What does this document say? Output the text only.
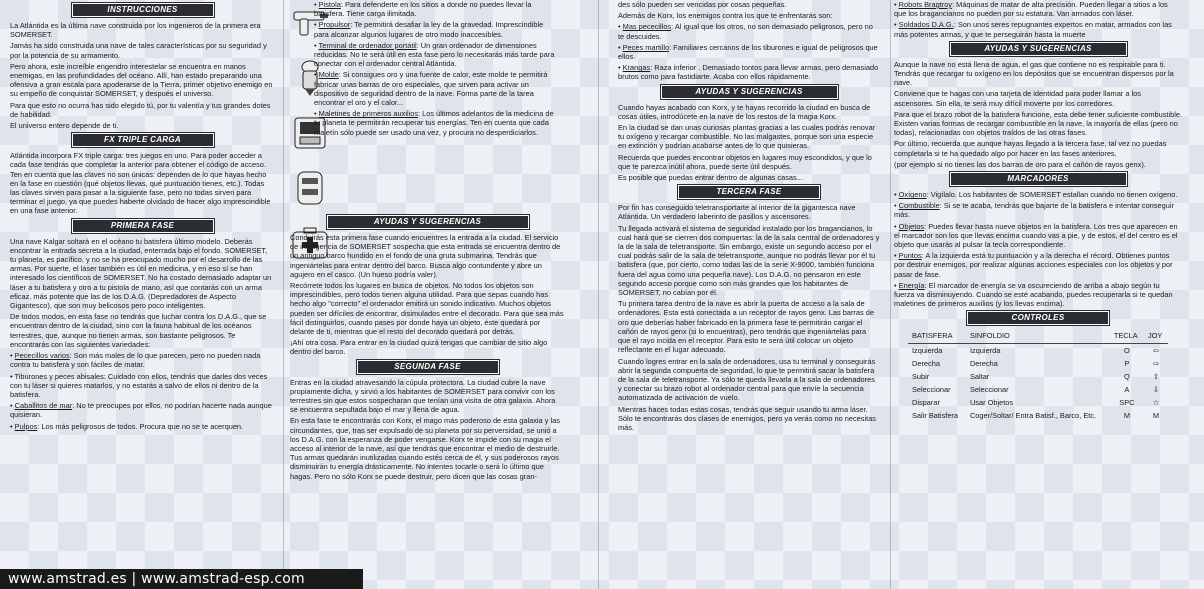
INSTRUCCIONES

La Atlántida es la última nave construida por los ingenieros de la primera era SOMERSET.

Jamás ha sido construida una nave de tales características por su seguridad y por la potencia de su armamento.

Pero ahora, este increíble engendro interestelar se encuentra en manos enemigas, en las profundidades del océano. Allí, han estado preparando una ofensiva a gran escala para apoderarse de la Tierra, primer objetivo enemigo en su empeño de conquistar SOMERSET, y después el universo.

Para que esto no ocurra has sido elegido tú, por tu valentía y tus grandes dotes de habilidad.

El universo entero depende de ti.

FX TRIPLE CARGA

Atlántida incorpora FX triple carga: tres juegos en uno. Para poder acceder a cada fase tendrás que completar la anterior para obtener el código de acceso. Ten en cuenta que las claves no son únicas: dependen de lo que hayas hecho en la fase en cuestión (qué objetos llevas, qué puntuación tienes, etc.). Todas las claves sirven para pasar a la siguiente fase, pero no todas sirven para terminar el juego, ya que puedes haberte olvidado de hacer algo imprescindible en una fase anterior.

PRIMERA FASE

Una nave Kalgar soltará en el océano tu batisfera último modelo. Deberás encontrar la entrada secreta a la ciudad, enterrada bajo el fondo. SOMERSET, tu planeta, es pacífico, y no se ha preocupado mucho por el desarrollo de las armas. Por suerte, el láser también es útil en medicina, y en eso sí se han interesado los científicos de SOMERSET. No ha costado demasiado adaptar un láser a tu batisfera y otro a tu pistola de mano, así que contarás con un arma eficaz, más potente que las de los D.A.G. (Depredadores de Aspecto Gigantesco), que son muy belicosos pero poco inteligentes.

De todos modos, en esta fase no tendrás que luchar contra los D.A.G., que se encuentran dentro de la ciudad, sino con la fauna habitual de los océanos terrestres, que, aunque no tienen armas, son bastante peligrosos. Te encontrarás con las siguientes variedades:

• Pececillos varios: Son más males de lo que parecen, pero no pueden nada contra tu batisfera y son fáciles de matar.

• Tiburones y peces abisales: Cuidado con ellos, tendrás que darles dos veces con tu láser si quieres matarlos, y no estarás a salvo de ellos ni dentro de la batisfera.

• Caballitos de mar: No te preocupes por ellos, no podrían hacerte nada aunque quisieran.

• Pulpos: Los más peligrosos de todos. Procura que no se te acerquen.

• Pistola: Para defenderte en los sitios a donde no puedes llevar la batisfera. Tiene carga ilimitada.

• Propulsor: Te permitirá desafiar la ley de la gravedad. Imprescindible para alcanzar algunos lugares de otro modo inaccesibles.

• Terminal de ordenador portátil: Un gran ordenador de dimensiones reducidas. No te será útil en esta fase pero lo necesitarás más tarde para conectar con el ordenador central Atlántida.

• Molde: Si consigues oro y una fuente de calor, este molde te permitirá fabricar unas barras de oro especiales, que sirven para activar un dispositivo de seguridad dentro de la nave. Forma parte de la tarea encontrar el oro y el calor...

• Maletines de primeros auxilios: Los últimos adelantos de la medicina de tu planeta te permitirán recuperar tus energías. Ten en cuenta que cada maletín sólo puede ser usado una vez, y procura no desperdiciarlos.

AYUDAS Y SUGERENCIAS

Conduirás esta primera fase cuando encuentres la entrada a la ciudad. El servicio de inteligencia de SOMERSET sospecha que esta entrada se encuentra dentro de un antiguo barco hundido en el fondo de una gruta submarina. Tendrás que ingeniártelas para entrar dentro del barco. Busca algo contundente y abre un agujero en el casco. (Un hueso podría valer).

Recórrete todos los lugares en busca de objetos. No todos los objetos son imprescindibles, pero todos tienen alguna utilidad. Para que sepas cuando has hecho algo "correcto" el ordenador emitirá un sonido indicativo. Muchos objetos pueden ser difíciles de encontrar, disimulados entre el decorado. Para que sea más fácil distinguirlos, cuando pases por donde haya un objeto, éste quedará por delante de ti, mientras que el resto del decorado quedará por detrás.

¡Ahí otra cosa. Para entrar en la ciudad quizá tengas que cambiar de sitio algo dentro del barco.

SEGUNDA FASE

Entras en la ciudad atravesando la cúpula protectora. La ciudad cubre la nave propiamente dicha, y sirvió a los habitantes de SOMERSET para convivir con los terrestres sin que estos sospecharan que tenían una visita de otra galaxia. Ahora se encuentra sepultada bajo el mar y llena de agua.

En esta fase te encontrarás con Korx, el mago más poderoso de esta galaxia y las circundantes, que, tras ser expulsado de su planeta por su perversidad, se unió a los D.A.G. con la esperanza de poder vengarse. Korx te impide con su magia el acceso al interior de la nave, así que tendrás que encontrar el medio de destruirle. Tus armas quedarán inutilizadas cuando estés cerca de él, y sus poderosos rayos disminuirán tu energía drásticamente. No intentes tocarle o será lo último que hagas. Pero no sólo Korx se puede destruir, pero dicen que las cosas gran-

des sólo pueden ser vencidas por cosas pequeñas.

Además de Korx, los enemigos contra los que te enfrentarás son:

• Mas pececillos: Al igual que los otros, no son demasiado peligrosos, pero no te descuides.

• Peces martillo: Familiares cercanos de los tiburones e igual de peligrosos que ellos.

• Krangas: Raza inferior . Demasiado tontos para llevar armas, pero demasiado brutos como para fastidiarte. Acaba con ellos rápidamente.

AYUDAS Y SUGERENCIAS

Cuando hayas acabado con Korx, y te hayas recorrido la ciudad en busca de cosas útiles, introdúcete en la nave de los restos de la magia Korx.

En la ciudad se dan unas curiosas plantas gracias a las cuales podrás renovar tu oxígeno y recargar combustible. No las malgastes, porque son una especie en extinción y podrían acabarse antes de lo que quisieras.

Recuerda que puedes encontrar objetos en lugares muy escondidos, y que lo que te parezca inútil ahora, puede serte útil después.

Es posible que puedas entrar dentro de algunas casas...

TERCERA FASE

Por fin has conseguido teletransportarte al interior de la gigantesca nave Atlántida. Un verdadero laberinto de pasillos y ascensores.

Tu llegada activará el sistema de seguridad instalado por los bragancianos, lo cual hará que se cierren dos compuertas: la de la sala central de ordenadores y la de la sala de teletransporte. Sin embargo, existe un segundo acceso por el cual podrás salir de la sala de teletransporte, aunque no podrás llevar por él tu batisfera (que, por cierto, como todas las de la serie X-9000, también funciona fuera del agua como una pequeña nave). Los D.A.G. no pensaron en este segundo acceso porque como son más grandes que los habitantes de SOMERSET, no cabían por él.

Tu primera tarea dentro de la nave es abrir la puerta de acceso a la sala de ordenadores. Esta está conectada a un receptor de rayos genx. Las barras de oro que deberías haber fabricado en la primera fase te permitirán cargar el cañón de rayos genx (si lo encuentras), pero tendrás que ingeniártelas para que el rayo incida en el receptor. Para esto te será útil colocar un objeto reflectante en el lugar adecuado.

Cuando logres entrar en la sala de ordenadores, usa tu terminal y conseguirás abrir la segunda compuerta de seguridad, lo que te permitirá sacar la batisfera de la sala de teletransporte. Ya sólo te queda llevarla a la sala de ordenadores y conectar su brazo robot al ordenador central para que envíe la secuencia automatizada de activación de vuelo.

Mientras haces todas estas cosas, tendrás que seguir usando tu arma láser. Sólo te encontrarás dos clases de enemigos, pero ya verás como no necesitas más.

• Robots Bragtroy: Máquinas de matar de alta precisión. Pueden llegar a sitios a los que los bragancianos no pueden por su estatura. Van armados con láser.

• Soldados D.A.G.: Son unos seres repugnantes expertos en matar, armados con las más potentes armas, y que te perseguirán hasta la muerte

AYUDAS Y SUGERENCIAS

Aunque la nave no está llena de agua, el gas que contiene no es respirable para ti. Tendrás que recargar tu oxígeno en los depósitos que se encuentran dispersos por la nave.

Conviene que te hagas con una tarjeta de identidad para poder llamar a los ascensores. Sin ella, te será muy difícil moverte por los corredores.

Para que el brazo robot de la batisfera funcione, esta debe tener suficiente combustible. Existen varias formas de recargar combustible en la nave, la mayoría de ellas (pero no todas), relacionadas con objetos traídos de las otras fases.

Por último, recuerda que aunque hayas llegado a la tercera fase, tal vez no puedas completarla si te ha quedado algo por hacer en las fases anteriores.

(por ejemplo si no tienes las dos barras de oro para el cañón de rayos genx).

MARCADORES

• Oxígeno: Vigílalo. Los habitantes de SOMERSET estallan cuando no tienen oxígeno.

• Combustible: Si se te acaba, tendrás que bajarte de la batisfera e intentar conseguir más.

• Objetos: Puedes llevar hasta nueve objetos en la batisfera. Los tres que aparecen en el marcador son los que llevas encima cuando vas a pie, y de estos, el del centro es el objeto que usarás al pulsar la tecla correspondiente.

• Puntos: A la izquierda está tu puntuación y a la derecha el récord. Obtienes puntos por destruir enemigos, por realizar algunas acciones especiales con los objetos y por pasar de fase.

• Energía: El marcador de energía se va oscureciendo de arriba a abajo según tu fuerza va disminuyendo. Cuando se esté acabando, puedes recuperarla si te quedan maletines de primeros auxilios (y los llevas encima).

CONTROLES
BATISFERA	SINFOLDIO	TECLA	JOY
Izquierda	Izquierda	O	⇦
Derecha	Derecha	P	⇨
Subir	Saltar	Q	⇧
Seleccionar	Seleccionar	A	⇩
Disparar	Usar Objetos	SPC	☆
Salir Batisfera	Coger/Soltar/ Entra Batisf., Barco, Etc.	M	M
www.amstrad.es | www.amstrad-esp.com
